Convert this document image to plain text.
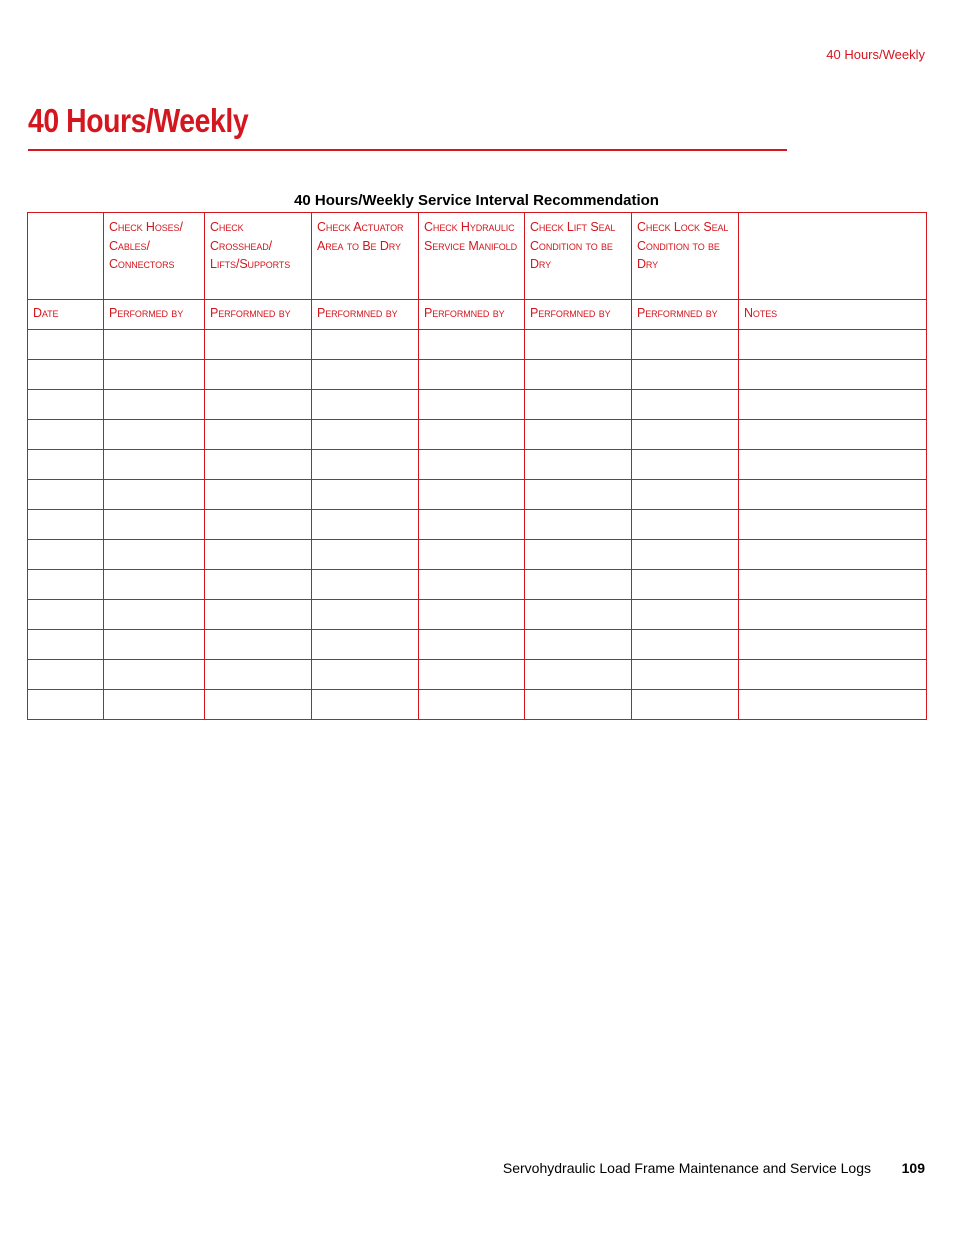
40 Hours/Weekly
40 Hours/Weekly
40 Hours/Weekly Service Interval Recommendation
	Check Hoses/ Cables/ Connectors	Check Crosshead/ Lifts/Supports	Check Actuator Area to Be Dry	Check Hydraulic Service Manifold	Check Lift Seal Condition to be Dry	Check Lock Seal Condition to be Dry	
Date	Performed by	Performned by	Performned by	Performned by	Performned by	Performned by	Notes

Servohydraulic Load Frame Maintenance and Service Logs 109
